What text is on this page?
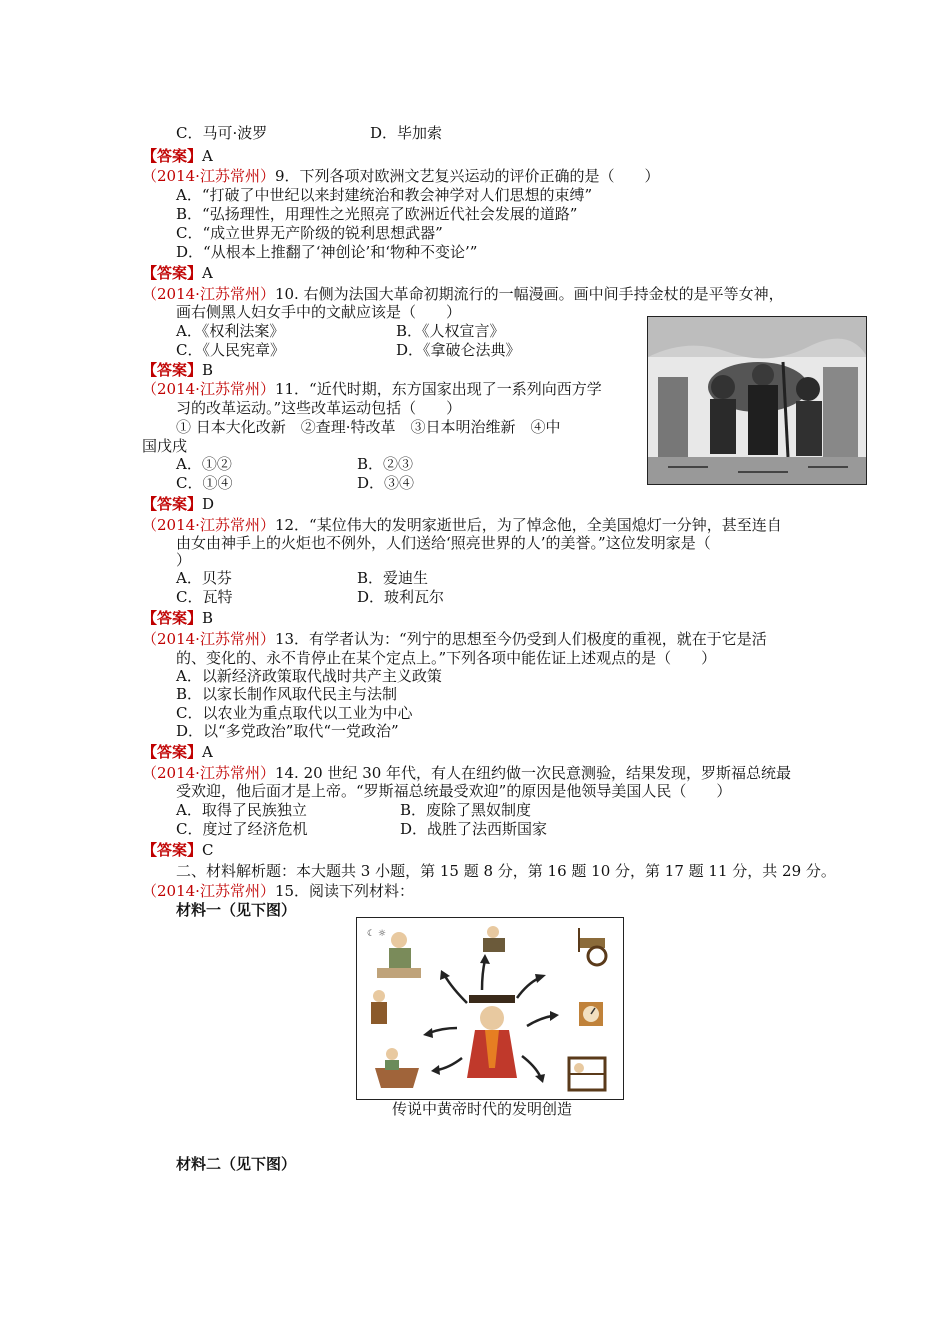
C．马可·波罗	D．毕加索
【答案】A
（2014·江苏常州）9．下列各项对欧洲文艺复兴运动的评价正确的是（　　）
A．“打破了中世纪以来封建统治和教会神学对人们思想的束缚”
B．“弘扬理性，用理性之光照亮了欧洲近代社会发展的道路”
C．“成立世界无产阶级的锐利思想武器”
D．“从根本上推翻了‘神创论’和‘物种不变论’”
【答案】A
（2014·江苏常州）10. 右侧为法国大革命初期流行的一幅漫画。画中间手持金杖的是平等女神，
画右侧黑人妇女手中的文献应该是（　　）
A．《权利法案》	B．《人权宣言》
C．《人民宪章》	D．《拿破仑法典》
【答案】B
（2014·江苏常州）11．“近代时期，东方国家出现了一系列向西方学
习的改革运动。”这些改革运动包括（　　）
① 日本大化改新　②查理·特改革　③日本明治维新　④中
国戊戌
A．①②	B．②③
C．①④	D．③④
【答案】D
（2014·江苏常州）12．“某位伟大的发明家逝世后，为了悼念他，全美国熄灯一分钟，甚至连自
由女由神手上的火炬也不例外，人们送给‘照亮世界的人’的美誉。”这位发明家是（
）
A．贝芬	B．爱迪生
C．瓦特	D．玻利瓦尔
【答案】B
（2014·江苏常州）13．有学者认为：“列宁的思想至今仍受到人们极度的重视，就在于它是活
的、变化的、永不肯停止在某个定点上。”下列各项中能佐证上述观点的是（　　）
A．以新经济政策取代战时共产主义政策
B．以家长制作风取代民主与法制
C．以农业为重点取代以工业为中心
D．以“多党政治”取代“一党政治”
【答案】A
（2014·江苏常州）14. 20 世纪 30 年代，有人在纽约做一次民意测验，结果发现，罗斯福总统最
受欢迎，他后面才是上帝。“罗斯福总统最受欢迎”的原因是他领导美国人民（　　）
A．取得了民族独立	B．废除了黑奴制度
C．度过了经济危机	D．战胜了法西斯国家
【答案】C
二、材料解析题：本大题共 3 小题，第 15 题 8 分，第 16 题 10 分，第 17 题 11 分，共 29 分。
（2014·江苏常州）15．阅读下列材料：
材料一（见下图）
☾ ☼
传说中黄帝时代的发明创造
材料二（见下图）
